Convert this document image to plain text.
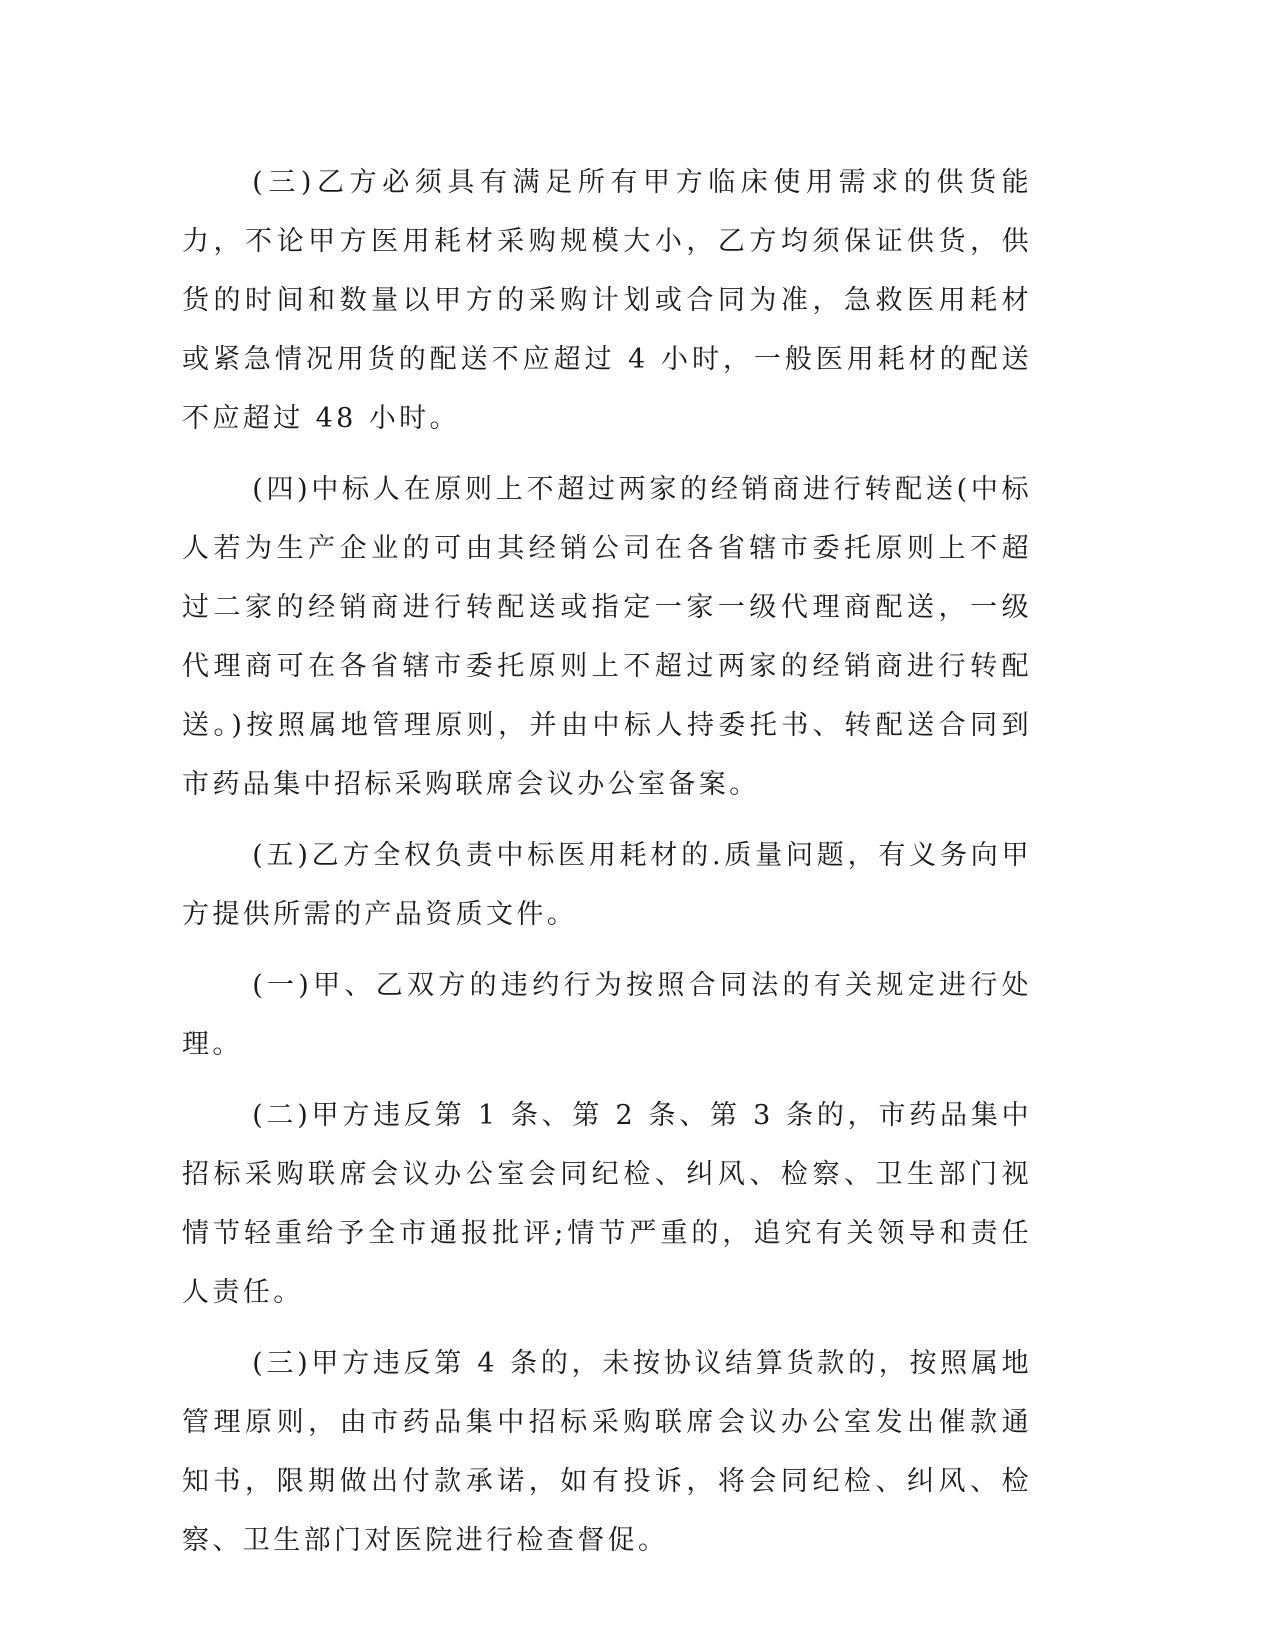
(三)乙方必须具有满足所有甲方临床使用需求的供货能力，不论甲方医用耗材采购规模大小，乙方均须保证供货，供货的时间和数量以甲方的采购计划或合同为准，急救医用耗材或紧急情况用货的配送不应超过 4 小时，一般医用耗材的配送不应超过 48 小时。

(四)中标人在原则上不超过两家的经销商进行转配送(中标人若为生产企业的可由其经销公司在各省辖市委托原则上不超过二家的经销商进行转配送或指定一家一级代理商配送，一级代理商可在各省辖市委托原则上不超过两家的经销商进行转配送。)按照属地管理原则，并由中标人持委托书、转配送合同到市药品集中招标采购联席会议办公室备案。

(五)乙方全权负责中标医用耗材的.质量问题，有义务向甲方提供所需的产品资质文件。

(一)甲、乙双方的违约行为按照合同法的有关规定进行处理。

(二)甲方违反第 1 条、第 2 条、第 3 条的，市药品集中招标采购联席会议办公室会同纪检、纠风、检察、卫生部门视情节轻重给予全市通报批评;情节严重的，追究有关领导和责任人责任。

(三)甲方违反第 4 条的，未按协议结算货款的，按照属地管理原则，由市药品集中招标采购联席会议办公室发出催款通知书，限期做出付款承诺，如有投诉，将会同纪检、纠风、检察、卫生部门对医院进行检查督促。
